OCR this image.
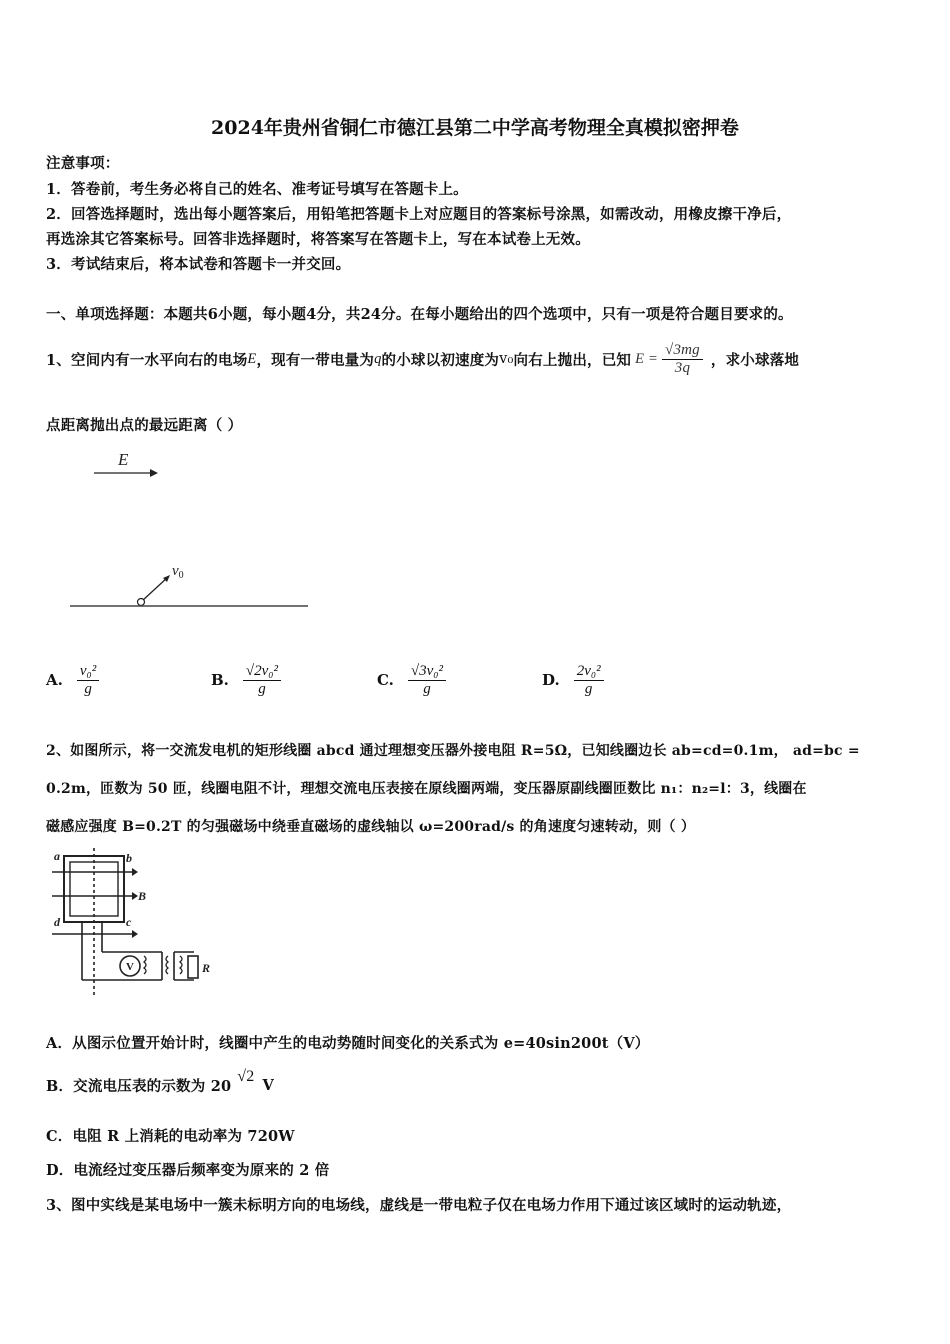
2024年贵州省铜仁市德江县第二中学高考物理全真模拟密押卷
注意事项：
1．答卷前，考生务必将自己的姓名、准考证号填写在答题卡上。
2．回答选择题时，选出每小题答案后，用铅笔把答题卡上对应题目的答案标号涂黑，如需改动，用橡皮擦干净后，
再选涂其它答案标号。回答非选择题时，将答案写在答题卡上，写在本试卷上无效。
3．考试结束后，将本试卷和答题卡一并交回。
一、单项选择题：本题共6小题，每小题4分，共24分。在每小题给出的四个选项中，只有一项是符合题目要求的。
1、空间内有一水平向右的电场 E ，现有一带电量为 q 的小球以初速度为 v₀ 向右上抛出，已知 $E = \frac{√3mg}{3q}$ ，求小球落地
点距离抛出点的最远距离（ ）
E
$v_0$
A. $\frac{\text{v₀²}}{g}$	B. $\frac{\text{√2v₀²}}{g}$	C. $\frac{\text{√3v₀²}}{g}$	D. $\frac{\text{2v₀²}}{g}$
2、如图所示，将一交流发电机的矩形线圈 abcd 通过理想变压器外接电阻 R=5Ω，已知线圈边长 ab=cd=0.1m， ad=bc =
0.2m，匝数为 50 匝，线圈电阻不计，理想交流电压表接在原线圈两端，变压器原副线圈匝数比 n₁：n₂=l：3，线圈在
磁感应强度 B=0.2T 的匀强磁场中绕垂直磁场的虚线轴以 ω=200rad/s 的角速度匀速转动，则（ ）
a	b
B
d	c
V	R
A．从图示位置开始计时，线圈中产生的电动势随时间变化的关系式为 e=40sin200t（V）
B．交流电压表的示数为 20
√2 V
C．电阻 R 上消耗的电动率为 720W
D．电流经过变压器后频率变为原来的 2 倍
3、图中实线是某电场中一簇未标明方向的电场线，虚线是一带电粒子仅在电场力作用下通过该区域时的运动轨迹，
